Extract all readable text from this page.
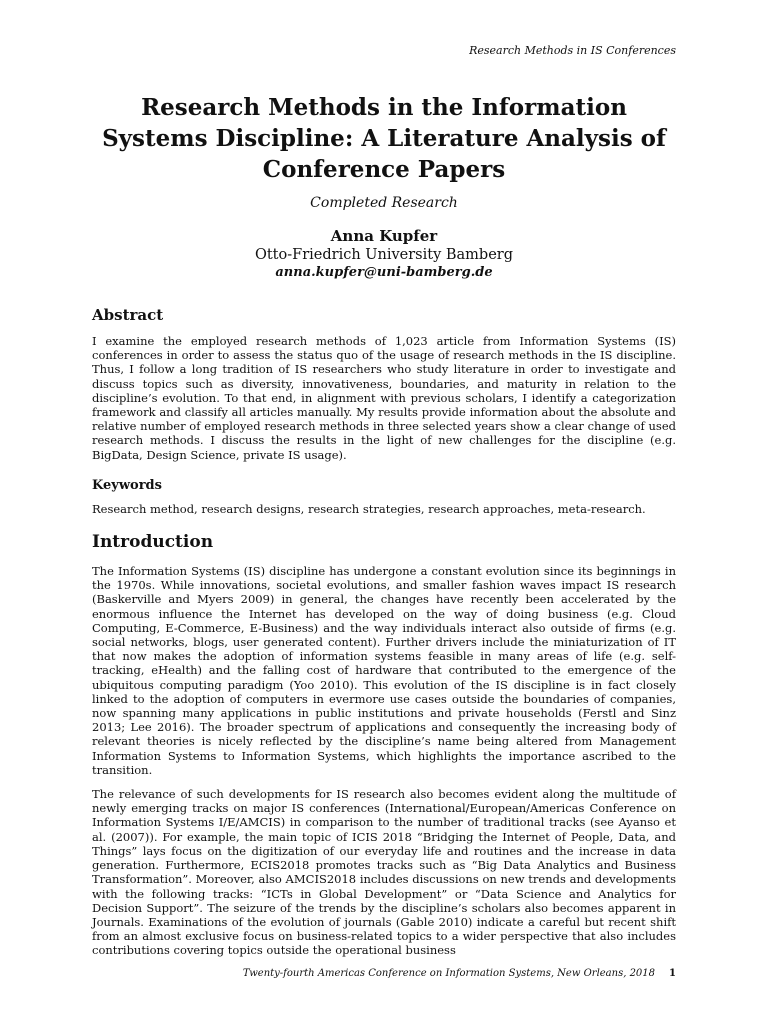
Research Methods in IS Conferences
Research Methods in the Information Systems Discipline: A Literature Analysis of Conference Papers
Completed Research
Anna Kupfer
Otto-Friedrich University Bamberg
anna.kupfer@uni-bamberg.de
Abstract

I examine the employed research methods of 1,023 article from Information Systems (IS) conferences in order to assess the status quo of the usage of research methods in the IS discipline. Thus, I follow a long tradition of IS researchers who study literature in order to investigate and discuss topics such as diversity, innovativeness, boundaries, and maturity in relation to the discipline’s evolution. To that end, in alignment with previous scholars, I identify a categorization framework and classify all articles manually. My results provide information about the absolute and relative number of employed research methods in three selected years show a clear change of used research methods. I discuss the results in the light of new challenges for the discipline (e.g. BigData, Design Science, private IS usage).

Keywords

Research method, research designs, research strategies, research approaches, meta-research.

Introduction

The Information Systems (IS) discipline has undergone a constant evolution since its beginnings in the 1970s. While innovations, societal evolutions, and smaller fashion waves impact IS research (Baskerville and Myers 2009) in general, the changes have recently been accelerated by the enormous influence the Internet has developed on the way of doing business (e.g. Cloud Computing, E-Commerce, E-Business) and the way individuals interact also outside of firms (e.g. social networks, blogs, user generated content). Further drivers include the miniaturization of IT that now makes the adoption of information systems feasible in many areas of life (e.g. self-tracking, eHealth) and the falling cost of hardware that contributed to the emergence of the ubiquitous computing paradigm (Yoo 2010). This evolution of the IS discipline is in fact closely linked to the adoption of computers in evermore use cases outside the boundaries of companies, now spanning many applications in public institutions and private households (Ferstl and Sinz 2013; Lee 2016). The broader spectrum of applications and consequently the increasing body of relevant theories is nicely reflected by the discipline’s name being altered from Management Information Systems to Information Systems, which highlights the importance ascribed to the transition.

The relevance of such developments for IS research also becomes evident along the multitude of newly emerging tracks on major IS conferences (International/European/Americas Conference on Information Systems I/E/AMCIS) in comparison to the number of traditional tracks (see Ayanso et al. (2007)). For example, the main topic of ICIS 2018 “Bridging the Internet of People, Data, and Things” lays focus on the digitization of our everyday life and routines and the increase in data generation. Furthermore, ECIS2018 promotes tracks such as “Big Data Analytics and Business Transformation”. Moreover, also AMCIS2018 includes discussions on new trends and developments with the following tracks: “ICTs in Global Development” or “Data Science and Analytics for Decision Support”. The seizure of the trends by the discipline’s scholars also becomes apparent in Journals. Examinations of the evolution of journals (Gable 2010) indicate a careful but recent shift from an almost exclusive focus on business-related topics to a wider perspective that also includes contributions covering topics outside the operational business

Twenty-fourth Americas Conference on Information Systems, New Orleans, 2018 1
